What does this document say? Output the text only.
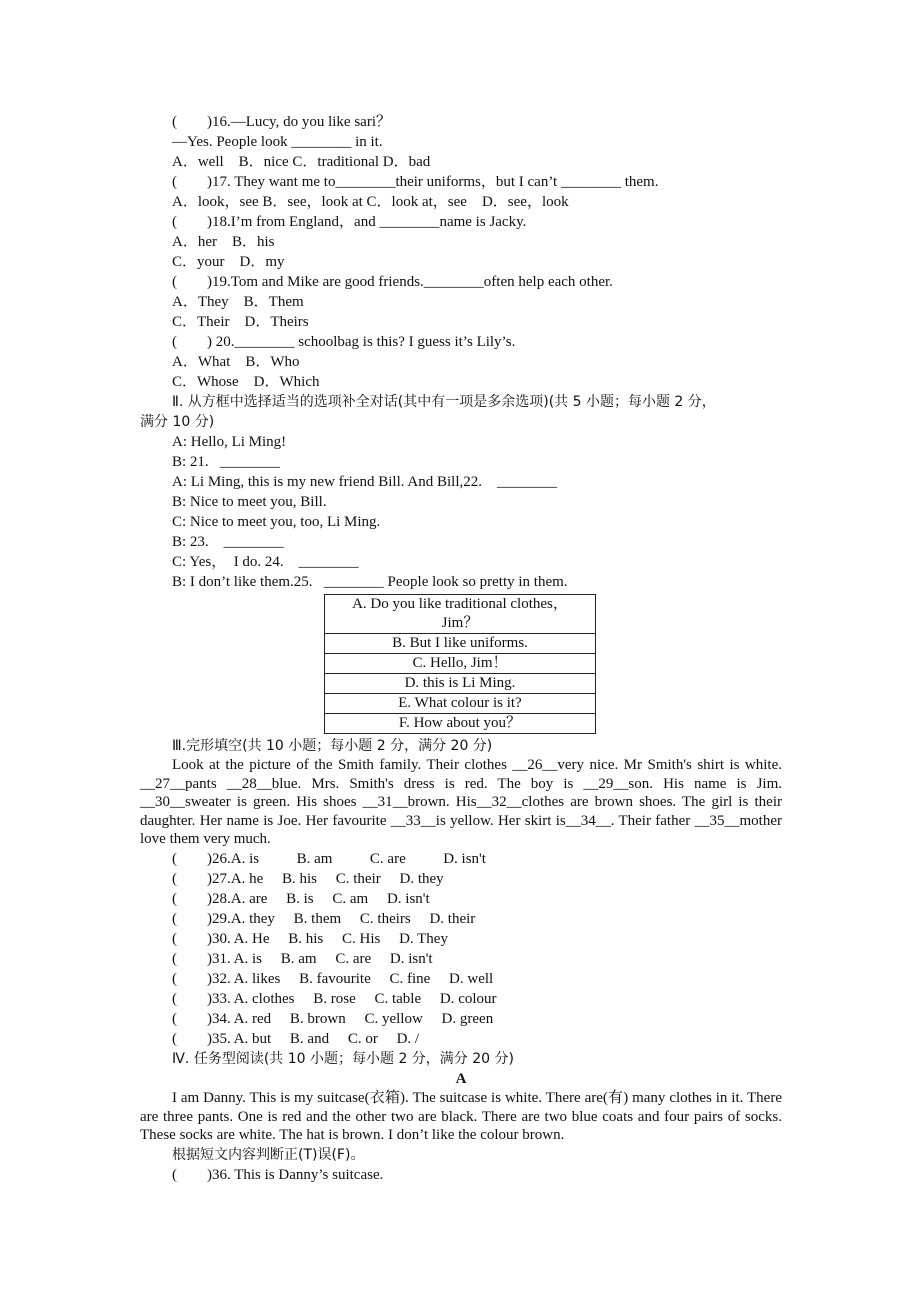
(        )16.—Lucy, do you like sari？
—Yes. People look ________ in it.
A．well    B．nice C．traditional D．bad
(        )17. They want me to________their uniforms，but I can’t ________ them.
A．look，see B．see，look at C．look at，see    D．see，look
(        )18.I’m from England，and ________name is Jacky.
A．her    B．his
C．your    D．my
(        )19.Tom and Mike are good friends.________often help each other.
A．They    B．Them
C．Their    D．Theirs
(        ) 20.________ schoolbag is this? I guess it’s Lily’s.
A．What    B．Who
C．Whose    D．Which
Ⅱ. 从方框中选择适当的选项补全对话(其中有一项是多余选项)(共 5 小题；每小题 2 分，
满分 10 分)
A: Hello, Li Ming!
B: 21.   ________
A: Li Ming, this is my new friend Bill. And Bill,22.    ________
B: Nice to meet you, Bill.
C: Nice to meet you, too, Li Ming.
B: 23.    ________
C: Yes，  I do. 24.    ________
B: I don’t like them.25.   ________ People look so pretty in them.
A. Do you like traditional clothes，
Jim？

B. But I like uniforms.
C. Hello, Jim！
D. this is Li Ming.
E. What colour is it?
F. How about you？
Ⅲ.完形填空(共 10 小题；每小题 2 分，满分 20 分)
Look at the picture of the Smith family. Their clothes __26__very nice. Mr Smith's shirt is white. __27__pants __28__blue. Mrs. Smith's dress is red. The boy is __29__son. His name is Jim. __30__sweater is green. His shoes __31__brown. His__32__clothes are brown shoes. The girl is their daughter. Her name is Joe. Her favourite __33__is yellow. Her skirt is__34__. Their father __35__mother love them very much.
(        )26.A. is          B. am          C. are          D. isn't
(        )27.A. he     B. his     C. their     D. they
(        )28.A. are     B. is     C. am     D. isn't
(        )29.A. they     B. them     C. theirs     D. their
(        )30. A. He     B. his     C. His     D. They
(        )31. A. is     B. am     C. are     D. isn't
(        )32. A. likes     B. favourite     C. fine     D. well
(        )33. A. clothes     B. rose     C. table     D. colour
(        )34. A. red     B. brown     C. yellow     D. green
(        )35. A. but     B. and     C. or     D. /
Ⅳ. 任务型阅读(共 10 小题；每小题 2 分，满分 20 分)
A
I am Danny. This is my suitcase(衣箱). The suitcase is white. There are(有) many clothes in it. There are three pants. One is red and the other two are black. There are two blue coats and four pairs of socks. These socks are white. The hat is brown. I don’t like the colour brown.
根据短文内容判断正(T)误(F)。
(        )36. This is Danny’s suitcase.
